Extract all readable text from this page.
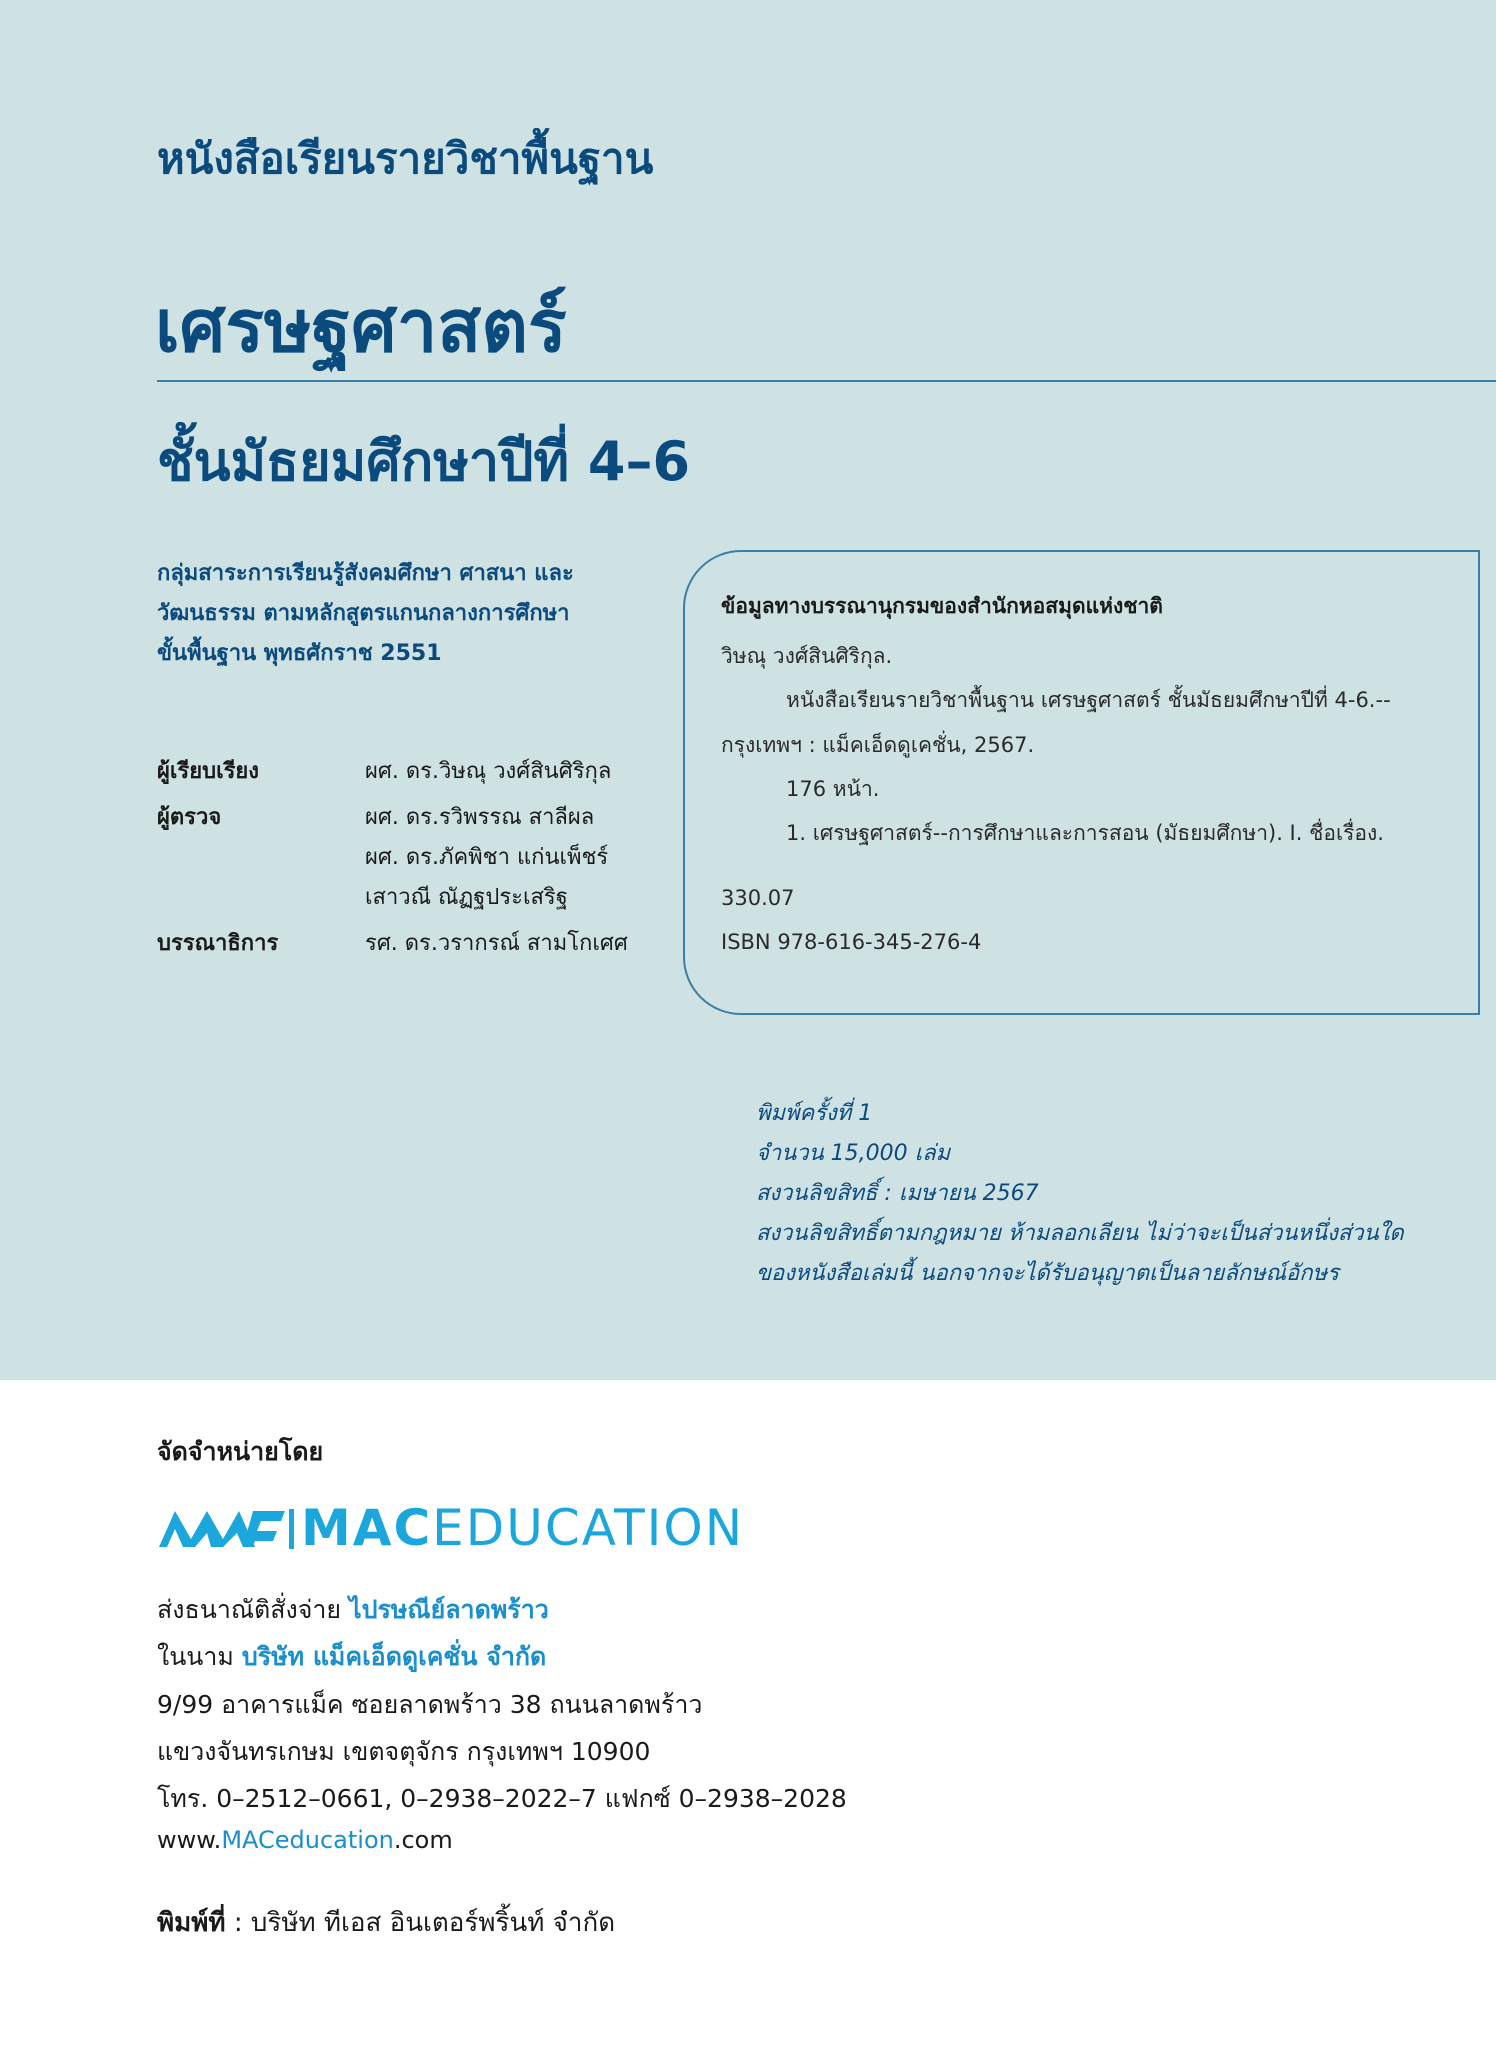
หนังสือเรียนรายวิชาพื้นฐาน
เศรษฐศาสตร์
ชั้นมัธยมศึกษาปีที่ 4–6
กลุ่มสาระการเรียนรู้สังคมศึกษา ศาสนา และ
วัฒนธรรม ตามหลักสูตรแกนกลางการศึกษา
ขั้นพื้นฐาน พุทธศักราช 2551
ผู้เรียบเรียง	ผศ. ดร.วิษณุ วงศ์สินศิริกุล
ผู้ตรวจ	ผศ. ดร.รวิพรรณ สาลีผล
ผศ. ดร.ภัคพิชา แก่นเพ็ชร์
เสาวณี ณัฏฐประเสริฐ
บรรณาธิการ	รศ. ดร.วรากรณ์ สามโกเศศ
ข้อมูลทางบรรณานุกรมของสำนักหอสมุดแห่งชาติ
วิษณุ วงศ์สินศิริกุล.
หนังสือเรียนรายวิชาพื้นฐาน เศรษฐศาสตร์ ชั้นมัธยมศึกษาปีที่ 4-6.--
กรุงเทพฯ : แม็คเอ็ดดูเคชั่น, 2567.
176 หน้า.
1. เศรษฐศาสตร์--การศึกษาและการสอน (มัธยมศึกษา). I. ชื่อเรื่อง.
330.07
ISBN 978-616-345-276-4
พิมพ์ครั้งที่ 1
จำนวน 15,000 เล่ม
สงวนลิขสิทธิ์ : เมษายน 2567
สงวนลิขสิทธิ์ตามกฎหมาย ห้ามลอกเลียน ไม่ว่าจะเป็นส่วนหนึ่งส่วนใด
ของหนังสือเล่มนี้ นอกจากจะได้รับอนุญาตเป็นลายลักษณ์อักษร
จัดจำหน่ายโดย
MACEDUCATION
ส่งธนาณัติสั่งจ่าย ไปรษณีย์ลาดพร้าว
ในนาม บริษัท แม็คเอ็ดดูเคชั่น จำกัด
9/99 อาคารแม็ค ซอยลาดพร้าว 38 ถนนลาดพร้าว
แขวงจันทรเกษม เขตจตุจักร กรุงเทพฯ 10900
โทร. 0–2512–0661, 0–2938–2022–7 แฟกซ์ 0–2938–2028
www.MACeducation.com
พิมพ์ที่ : บริษัท ทีเอส อินเตอร์พริ้นท์ จำกัด
